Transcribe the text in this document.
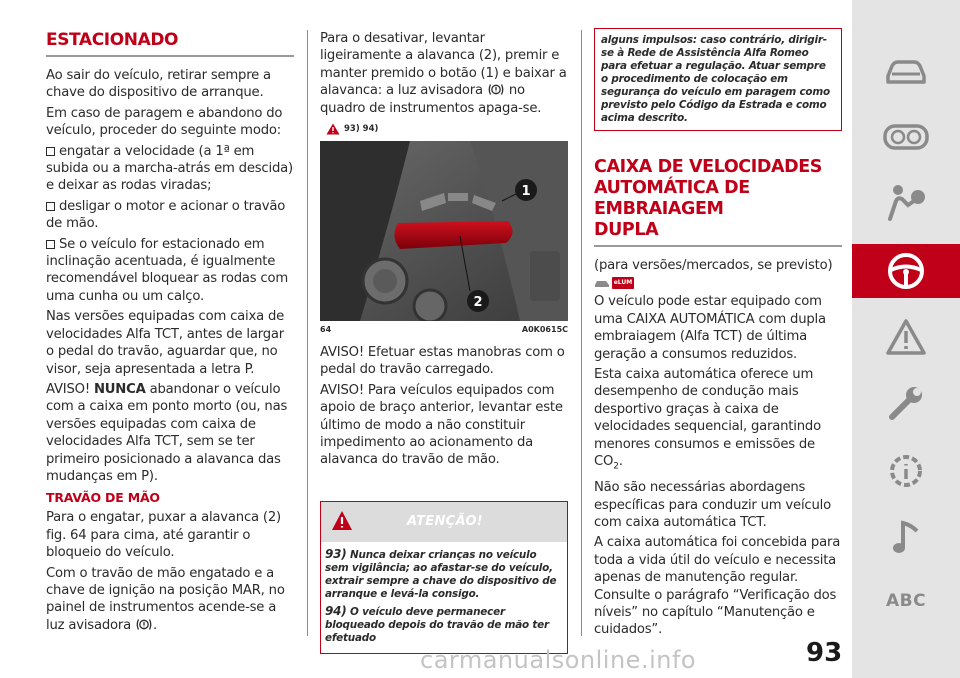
ESTACIONADO

Ao sair do veículo, retirar sempre a chave do dispositivo de arranque.

Em caso de paragem e abandono do veículo, proceder do seguinte modo:

engatar a velocidade (a 1ª em subida ou a marcha-atrás em descida) e deixar as rodas viradas;

desligar o motor e acionar o travão de mão.

Se o veículo for estacionado em inclinação acentuada, é igualmente recomendável bloquear as rodas com uma cunha ou um calço.

Nas versões equipadas com caixa de velocidades Alfa TCT, antes de largar o pedal do travão, aguardar que, no visor, seja apresentada a letra P.

AVISO! NUNCA abandonar o veículo com a caixa em ponto morto (ou, nas versões equipadas com caixa de velocidades Alfa TCT, sem se ter primeiro posicionado a alavanca das mudanças em P).

TRAVÃO DE MÃO

Para o engatar, puxar a alavanca (2) fig. 64 para cima, até garantir o bloqueio do veículo.

Com o travão de mão engatado e a chave de ignição na posição MAR, no painel de instrumentos acende-se a luz avisadora .

Para o desativar, levantar ligeiramente a alavanca (2), premir e manter premido o botão (1) e baixar a alavanca: a luz avisadora no quadro de instrumentos apaga-se.

93) 94)
1
2
64	A0K0615C

AVISO! Efetuar estas manobras com o pedal do travão carregado.

AVISO! Para veículos equipados com apoio de braço anterior, levantar este último de modo a não constituir impedimento ao acionamento da alavanca do travão de mão.

ATENÇÃO!

93) Nunca deixar crianças no veículo sem vigilância; ao afastar-se do veículo, extrair sempre a chave do dispositivo de arranque e levá-la consigo.

94) O veículo deve permanecer bloqueado depois do travão de mão ter efetuado

alguns impulsos: caso contrário, dirigir-se à Rede de Assistência Alfa Romeo para efetuar a regulação. Atuar sempre o procedimento de colocação em segurança do veículo em paragem como previsto pelo Código da Estrada e como acima descrito.

CAIXA DE VELOCIDADES
AUTOMÁTICA DE EMBRAIAGEM
DUPLA

(para versões/mercados, se previsto)

eLUM

O veículo pode estar equipado com uma CAIXA AUTOMÁTICA com dupla embraiagem (Alfa TCT) de última geração a consumos reduzidos.

Esta caixa automática oferece um desempenho de condução mais desportivo graças à caixa de velocidades sequencial, garantindo menores consumos e emissões de $CO_2$.

Não são necessárias abordagens específicas para conduzir um veículo com caixa automática TCT.

A caixa automática foi concebida para toda a vida útil do veículo e necessita apenas de manutenção regular. Consulte o parágrafo “Verificação dos níveis” no capítulo “Manutenção e cuidados”.

ABC
carmanualsonline.info	93
